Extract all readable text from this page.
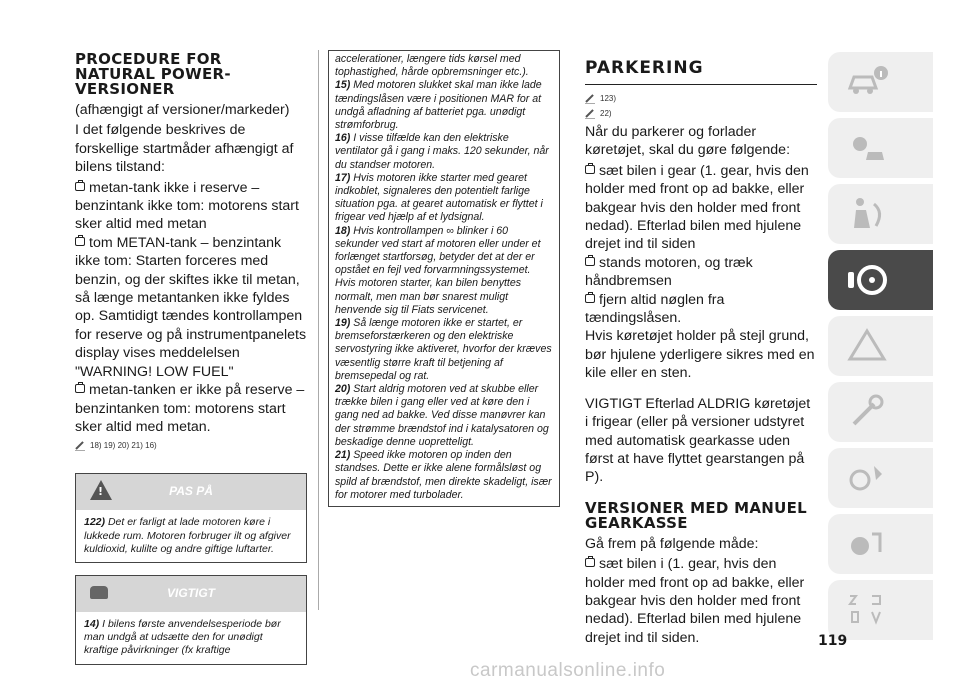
PROCEDURE FOR NATURAL POWER-VERSIONER

(afhængigt af versioner/markeder)

I det følgende beskrives de forskellige startmåder afhængigt af bilens tilstand:

metan-tank ikke i reserve – benzintank ikke tom: motorens start sker altid med metan

tom METAN-tank – benzintank ikke tom: Starten forceres med benzin, og der skiftes ikke til metan, så længe metantanken ikke fyldes op. Samtidigt tændes kontrollampen for reserve og på instrumentpanelets display vises meddelelsen "WARNING! LOW FUEL"

metan-tanken er ikke på reserve – benzintanken tom: motorens start sker altid med metan.

18) 19) 20) 21) 16)
!
PAS PÅ
122) Det er farligt at lade motoren køre i lukkede rum. Motoren forbruger ilt og afgiver kuldioxid, kulilte og andre giftige luftarter.
VIGTIGT
14) I bilens første anvendelsesperiode bør man undgå at udsætte den for unødigt kraftige påvirkninger (fx kraftige

accelerationer, længere tids kørsel med tophastighed, hårde opbremsninger etc.).

15) Med motoren slukket skal man ikke lade tændingslåsen være i positionen MAR for at undgå afladning af batteriet pga. unødigt strømforbrug.

16) I visse tilfælde kan den elektriske ventilator gå i gang i maks. 120 sekunder, når du standser motoren.

17) Hvis motoren ikke starter med gearet indkoblet, signaleres den potentielt farlige situation pga. at gearet automatisk er flyttet i frigear ved hjælp af et lydsignal.

18) Hvis kontrollampen ∞ blinker i 60 sekunder ved start af motoren eller under et forlænget startforsøg, betyder det at der er opstået en fejl ved forvarmningssystemet. Hvis motoren starter, kan bilen benyttes normalt, men man bør snarest muligt henvende sig til Fiats servicenet.

19) Så længe motoren ikke er startet, er bremseforstærkeren og den elektriske servostyring ikke aktiveret, hvorfor der kræves væsentlig større kraft til betjening af bremsepedal og rat.

20) Start aldrig motoren ved at skubbe eller trække bilen i gang eller ved at køre den i gang ned ad bakke. Ved disse manøvrer kan der strømme brændstof ind i katalysatoren og beskadige denne uopretteligt.

21) Speed ikke motoren op inden den standses. Dette er ikke alene formålsløst og spild af brændstof, men direkte skadeligt, især for motorer med turbolader.

PARKERING
123)
22)

Når du parkerer og forlader køretøjet, skal du gøre følgende:

sæt bilen i gear (1. gear, hvis den holder med front op ad bakke, eller bakgear hvis den holder med front nedad). Efterlad bilen med hjulene drejet ind til siden

stands motoren, og træk håndbremsen

fjern altid nøglen fra tændingslåsen.

Hvis køretøjet holder på stejl grund, bør hjulene yderligere sikres med en kile eller en sten.

VIGTIGT Efterlad ALDRIG køretøjet i frigear (eller på versioner udstyret med automatisk gearkasse uden først at have flyttet gearstangen på P).

VERSIONER MED MANUEL GEARKASSE

Gå frem på følgende måde:

sæt bilen i (1. gear, hvis den holder med front op ad bakke, eller bakgear hvis den holder med front nedad). Efterlad bilen med hjulene drejet ind til siden.	119
carmanualsonline.info
